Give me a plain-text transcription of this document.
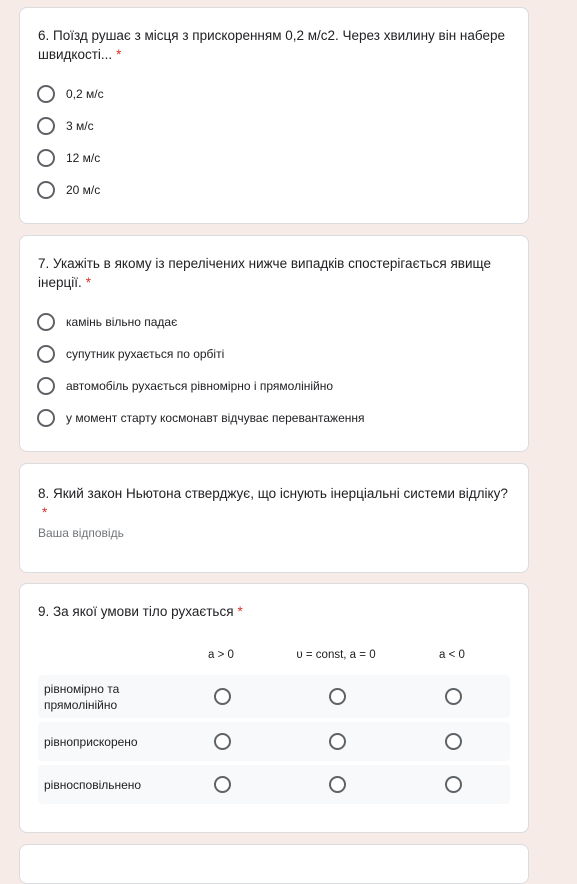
6. Поїзд рушає з місця з прискоренням 0,2 м/с2. Через хвилину він набере швидкості... *
0,2 м/с
3 м/с
12 м/с
20 м/с
7. Укажіть в якому із перелічених нижче випадків спостерігається явище інерції. *
камінь вільно падає
супутник рухається по орбіті
автомобіль рухається рівномірно і прямолінійно
у момент старту космонавт відчуває перевантаження
8. Який закон Ньютона стверджує, що існують інерціальні системи відліку?*
Ваша відповідь
9. За якої умови тіло рухається *
a > 0	υ = const, a = 0	a < 0
рівномірно та прямолінійно
рівноприскорено
рівносповільнено
